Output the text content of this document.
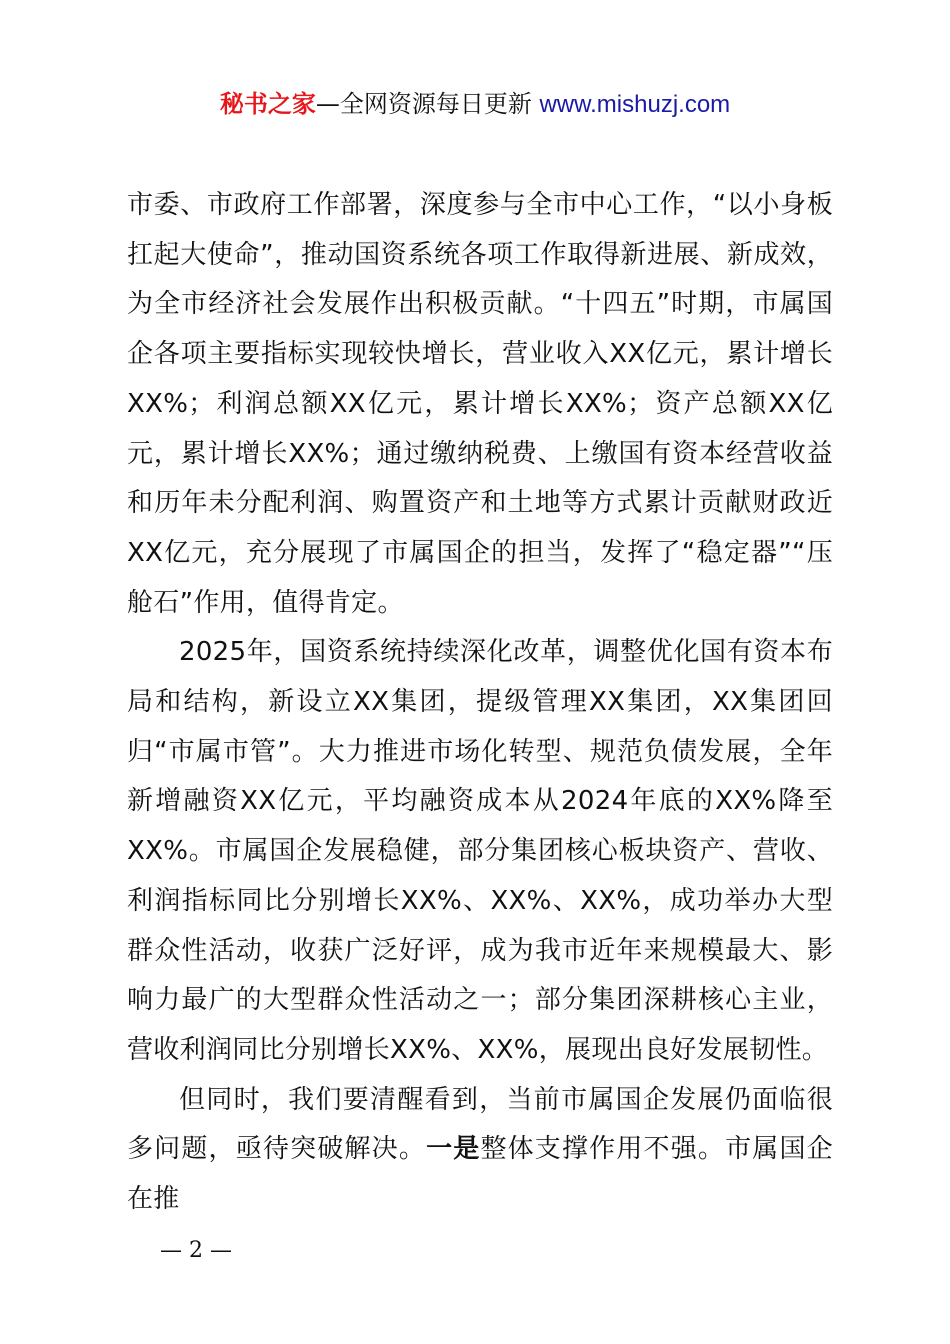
秘书之家—全网资源每日更新 www.mishuzj.com

市委、市政府工作部署，深度参与全市中心工作，“以小身板扛起大使命”，推动国资系统各项工作取得新进展、新成效，为全市经济社会发展作出积极贡献。“十四五”时期，市属国企各项主要指标实现较快增长，营业收入XX亿元，累计增长XX%；利润总额XX亿元，累计增长XX%；资产总额XX亿元，累计增长XX%；通过缴纳税费、上缴国有资本经营收益和历年未分配利润、购置资产和土地等方式累计贡献财政近XX亿元，充分展现了市属国企的担当，发挥了“稳定器”“压舱石”作用，值得肯定。

2025年，国资系统持续深化改革，调整优化国有资本布局和结构，新设立XX集团，提级管理XX集团，XX集团回归“市属市管”。大力推进市场化转型、规范负债发展，全年新增融资XX亿元，平均融资成本从2024年底的XX%降至XX%。市属国企发展稳健，部分集团核心板块资产、营收、利润指标同比分别增长XX%、XX%、XX%，成功举办大型群众性活动，收获广泛好评，成为我市近年来规模最大、影响力最广的大型群众性活动之一；部分集团深耕核心主业，营收利润同比分别增长XX%、XX%，展现出良好发展韧性。

但同时，我们要清醒看到，当前市属国企发展仍面临很多问题，亟待突破解决。一是整体支撑作用不强。市属国企在推

— 2 —
